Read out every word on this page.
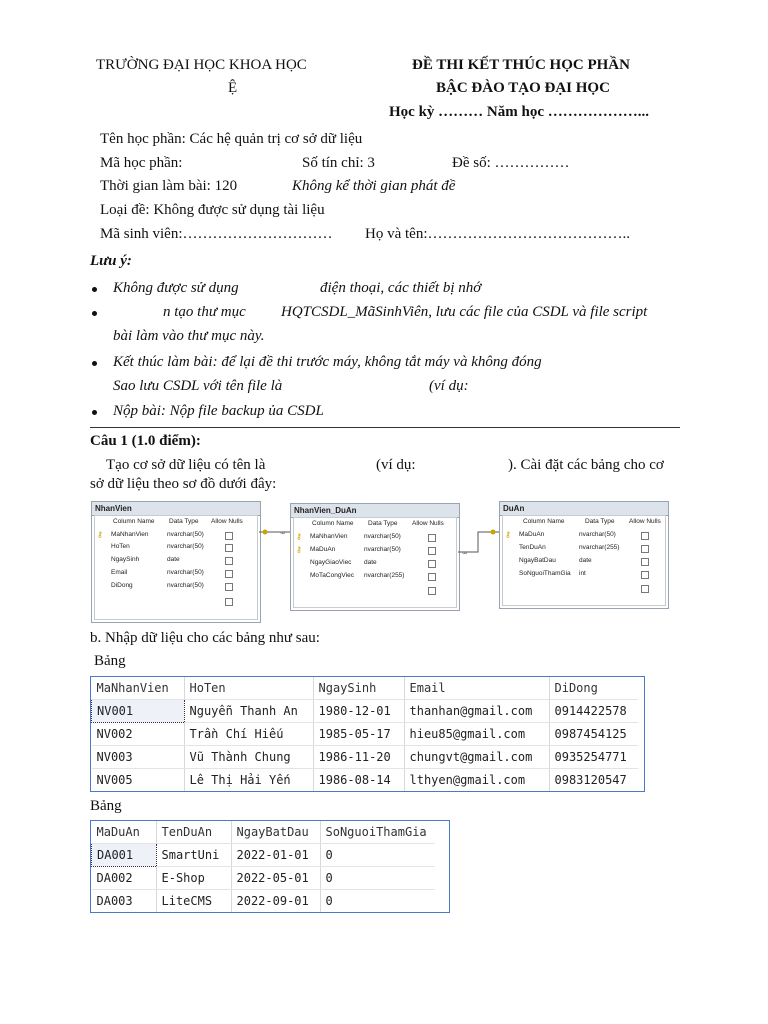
TRƯỜNG ĐẠI HỌC KHOA HỌC
Ệ
ĐỀ THI KẾT THÚC HỌC PHẦN
BẬC ĐÀO TẠO ĐẠI HỌC
Học kỳ ……… Năm học ………………...
Tên học phần: Các hệ quản trị cơ sở dữ liệu
Mã học phần:	Số tín chỉ: 3	Đề số: ……………
Thời gian làm bài: 120	Không kể thời gian phát đề
Loại đề: Không được sử dụng tài liệu
Mã sinh viên:………………………… Họ và tên:…………………………………..
Lưu ý:
Không được sử dụng	điện thoại, các thiết bị nhớ
n tạo thư mục HQTCSDL_MãSinhViên, lưu các file của CSDL và file script
bài làm vào thư mục này.
Kết thúc làm bài: để lại đề thi trước máy, không tắt máy và không đóng
Sao lưu CSDL với tên file là	(ví dụ:
Nộp bài: Nộp file backup ủa CSDL
Câu 1 (1.0 điểm):
Tạo cơ sở dữ liệu có tên là	(ví dụ:	). Cài đặt các bảng cho cơ
sở dữ liệu theo sơ đồ dưới đây:
NhanVien
Column Name Data Type Allow Nulls
⚷ MaNhanVien	nvarchar(50)
HoTen	nvarchar(50)
NgaySinh	date
Email	nvarchar(50)
DiDong	nvarchar(50)
NhanVien_DuAn
Column Name Data Type Allow Nulls
⚷ MaNhanVien	nvarchar(50)
⚷ MaDuAn	nvarchar(50)
NgayGiaoViec date
MoTaCongViec nvarchar(255)
DuAn
Column Name	Data Type Allow Nulls
⚷ MaDuAn	nvarchar(50)
TenDuAn	nvarchar(255)
NgayBatDau	date
SoNguoiThamGia int
∞
∞
b. Nhập dữ liệu cho các bảng như sau:
Bảng
MaNhanVien	HoTen	NgaySinh	Email	DiDong
NV001	Nguyễn Thanh An	1980-12-01	thanhan@gmail.com	0914422578
NV002	Trần Chí Hiếu	1985-05-17	hieu85@gmail.com	0987454125
NV003	Vũ Thành Chung	1986-11-20	chungvt@gmail.com	0935254771
NV005	Lê Thị Hải Yến	1986-08-14	lthyen@gmail.com	0983120547
Bảng
MaDuAn	TenDuAn	NgayBatDau	SoNguoiThamGia
DA001	SmartUni	2022-01-01	0
DA002	E-Shop	2022-05-01	0
DA003	LiteCMS	2022-09-01	0
